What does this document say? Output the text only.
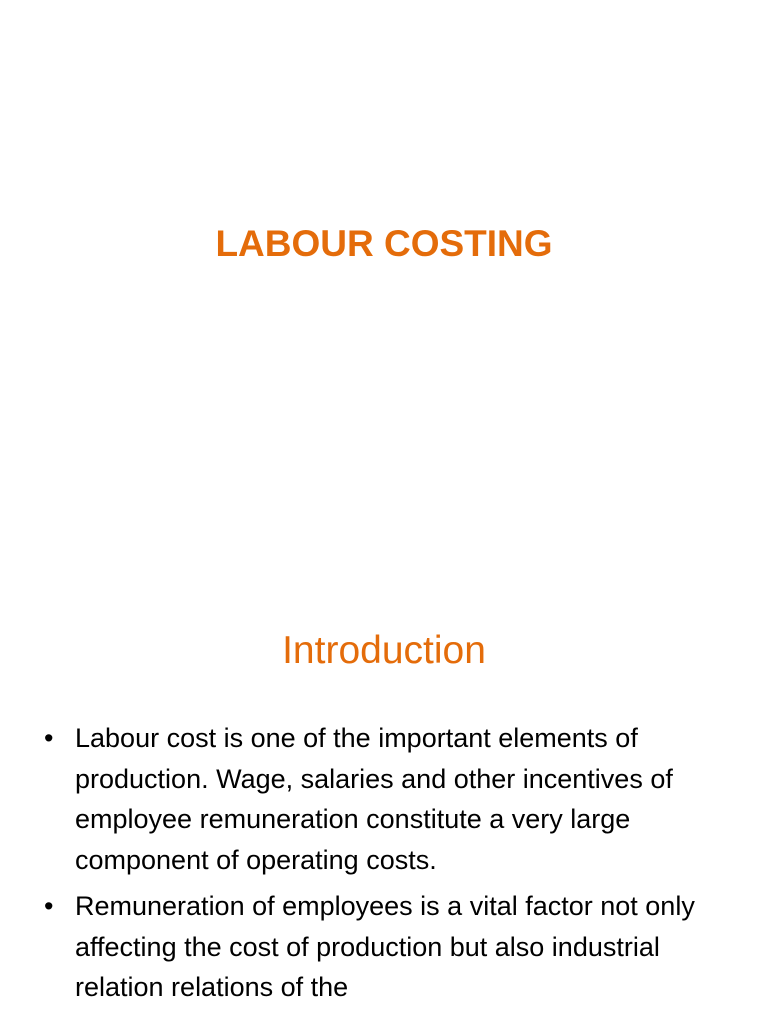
LABOUR COSTING
Introduction
• Labour cost is one of the important elements of production. Wage, salaries and other incentives of employee remuneration constitute a very large component of operating costs.
• Remuneration of employees is a vital factor not only affecting the cost of production but also industrial relation relations of the
